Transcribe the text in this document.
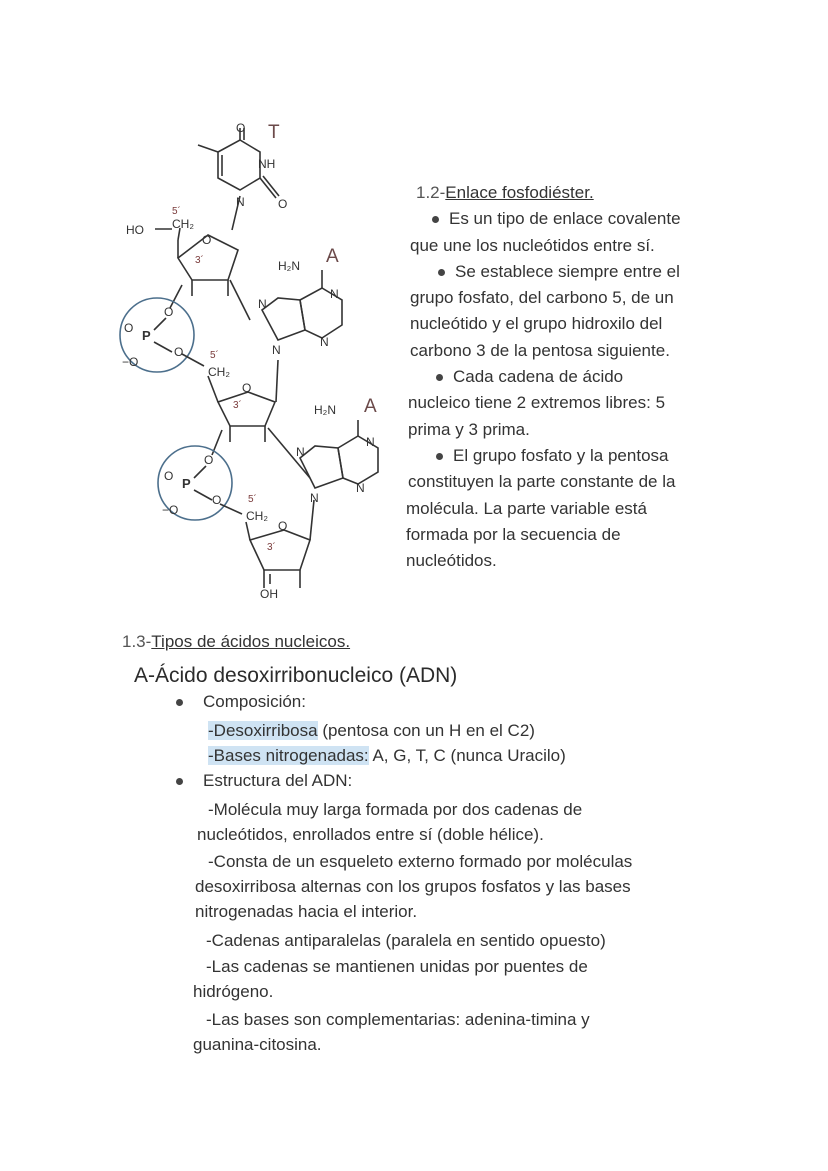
O
NH
O
N
T
O
HO CH₂
5´
3´	H₂N
N
N
N
N
A
O P
O
O
−O
O
CH₂
5´
3´	H₂N
N
N
N
N
A
O P
O
O
−O
O
CH₂
5´
3´
OH
1.2-Enlace fosfodiéster.
Es un tipo de enlace covalente
que une los nucleótidos entre sí.
Se establece siempre entre el
grupo fosfato, del carbono 5, de un
nucleótido y el grupo hidroxilo del
carbono 3 de la pentosa siguiente.
Cada cadena de ácido
nucleico tiene 2 extremos libres: 5
prima y 3 prima.
El grupo fosfato y la pentosa
constituyen la parte constante de la
molécula. La parte variable está
formada por la secuencia de
nucleótidos.
1.3-Tipos de ácidos nucleicos.
A-Ácido desoxirribonucleico (ADN)
Composición:
-Desoxirribosa (pentosa con un H en el C2)
-Bases nitrogenadas: A, G, T, C (nunca Uracilo)
Estructura del ADN:
-Molécula muy larga formada por dos cadenas de
nucleótidos, enrollados entre sí (doble hélice).
-Consta de un esqueleto externo formado por moléculas
desoxirribosa alternas con los grupos fosfatos y las bases
nitrogenadas hacia el interior.
-Cadenas antiparalelas (paralela en sentido opuesto)
-Las cadenas se mantienen unidas por puentes de
hidrógeno.
-Las bases son complementarias: adenina-timina y
guanina-citosina.
